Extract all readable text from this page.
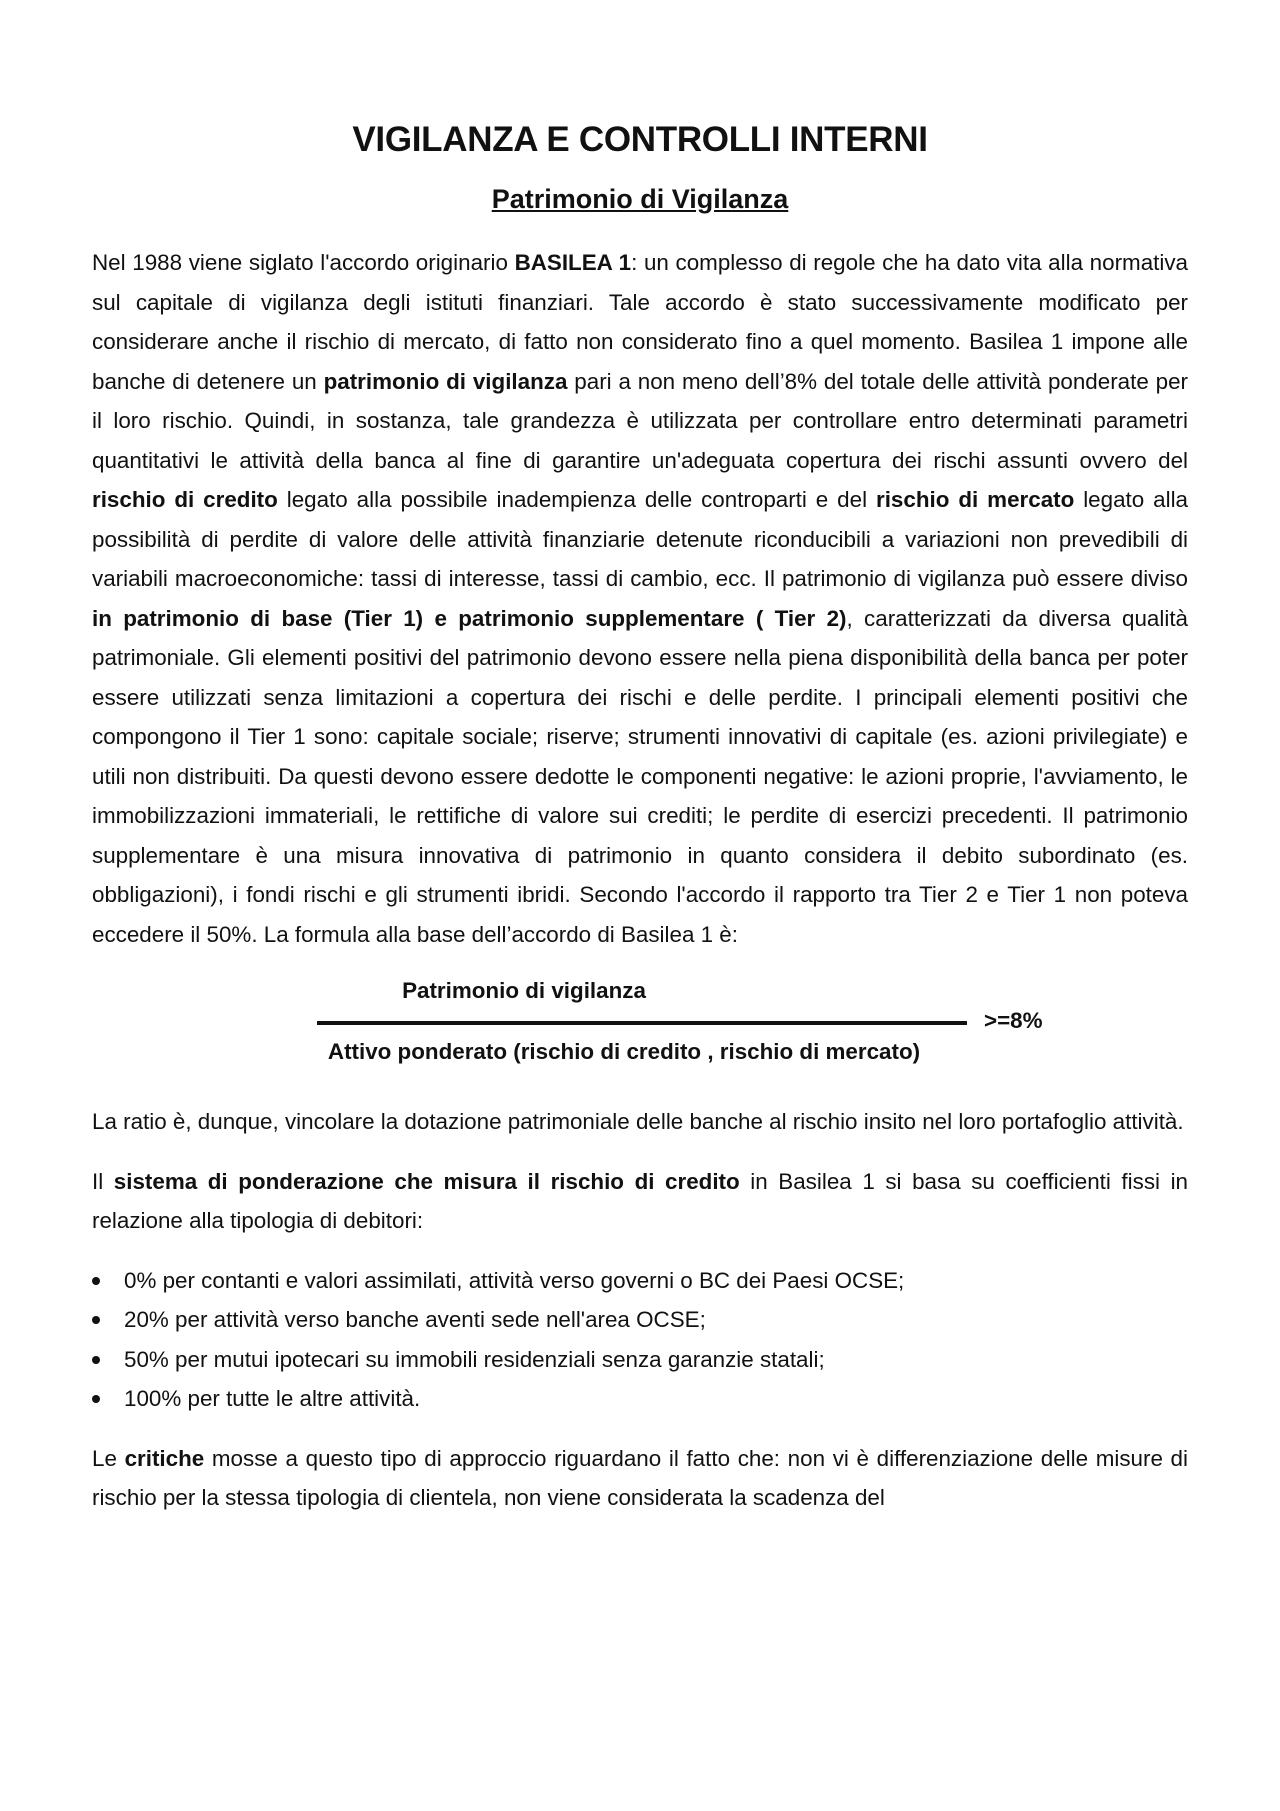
VIGILANZA E CONTROLLI INTERNI
Patrimonio di Vigilanza

Nel 1988 viene siglato l'accordo originario BASILEA 1: un complesso di regole che ha dato vita alla normativa sul capitale di vigilanza degli istituti finanziari. Tale accordo è stato successivamente modificato per considerare anche il rischio di mercato, di fatto non considerato fino a quel momento. Basilea 1 impone alle banche di detenere un patrimonio di vigilanza pari a non meno dell’8% del totale delle attività ponderate per il loro rischio. Quindi, in sostanza, tale grandezza è utilizzata per controllare entro determinati parametri quantitativi le attività della banca al fine di garantire un'adeguata copertura dei rischi assunti ovvero del rischio di credito legato alla possibile inadempienza delle controparti e del rischio di mercato legato alla possibilità di perdite di valore delle attività finanziarie detenute riconducibili a variazioni non prevedibili di variabili macroeconomiche: tassi di interesse, tassi di cambio, ecc. Il patrimonio di vigilanza può essere diviso in patrimonio di base (Tier 1) e patrimonio supplementare ( Tier 2), caratterizzati da diversa qualità patrimoniale. Gli elementi positivi del patrimonio devono essere nella piena disponibilità della banca per poter essere utilizzati senza limitazioni a copertura dei rischi e delle perdite. I principali elementi positivi che compongono il Tier 1 sono: capitale sociale; riserve; strumenti innovativi di capitale (es. azioni privilegiate) e utili non distribuiti. Da questi devono essere dedotte le componenti negative: le azioni proprie, l'avviamento, le immobilizzazioni immateriali, le rettifiche di valore sui crediti; le perdite di esercizi precedenti. Il patrimonio supplementare è una misura innovativa di patrimonio in quanto considera il debito subordinato (es. obbligazioni), i fondi rischi e gli strumenti ibridi. Secondo l'accordo il rapporto tra Tier 2 e Tier 1 non poteva eccedere il 50%. La formula alla base dell’accordo di Basilea 1 è:

Patrimonio di vigilanza
>=8%
Attivo ponderato (rischio di credito , rischio di mercato)

La ratio è, dunque, vincolare la dotazione patrimoniale delle banche al rischio insito nel loro portafoglio attività.

Il sistema di ponderazione che misura il rischio di credito in Basilea 1 si basa su coefficienti fissi in relazione alla tipologia di debitori:

0% per contanti e valori assimilati, attività verso governi o BC dei Paesi OCSE;
20% per attività verso banche aventi sede nell'area OCSE;
50% per mutui ipotecari su immobili residenziali senza garanzie statali;
100% per tutte le altre attività.

Le critiche mosse a questo tipo di approccio riguardano il fatto che: non vi è differenziazione delle misure di rischio per la stessa tipologia di clientela, non viene considerata la scadenza del
